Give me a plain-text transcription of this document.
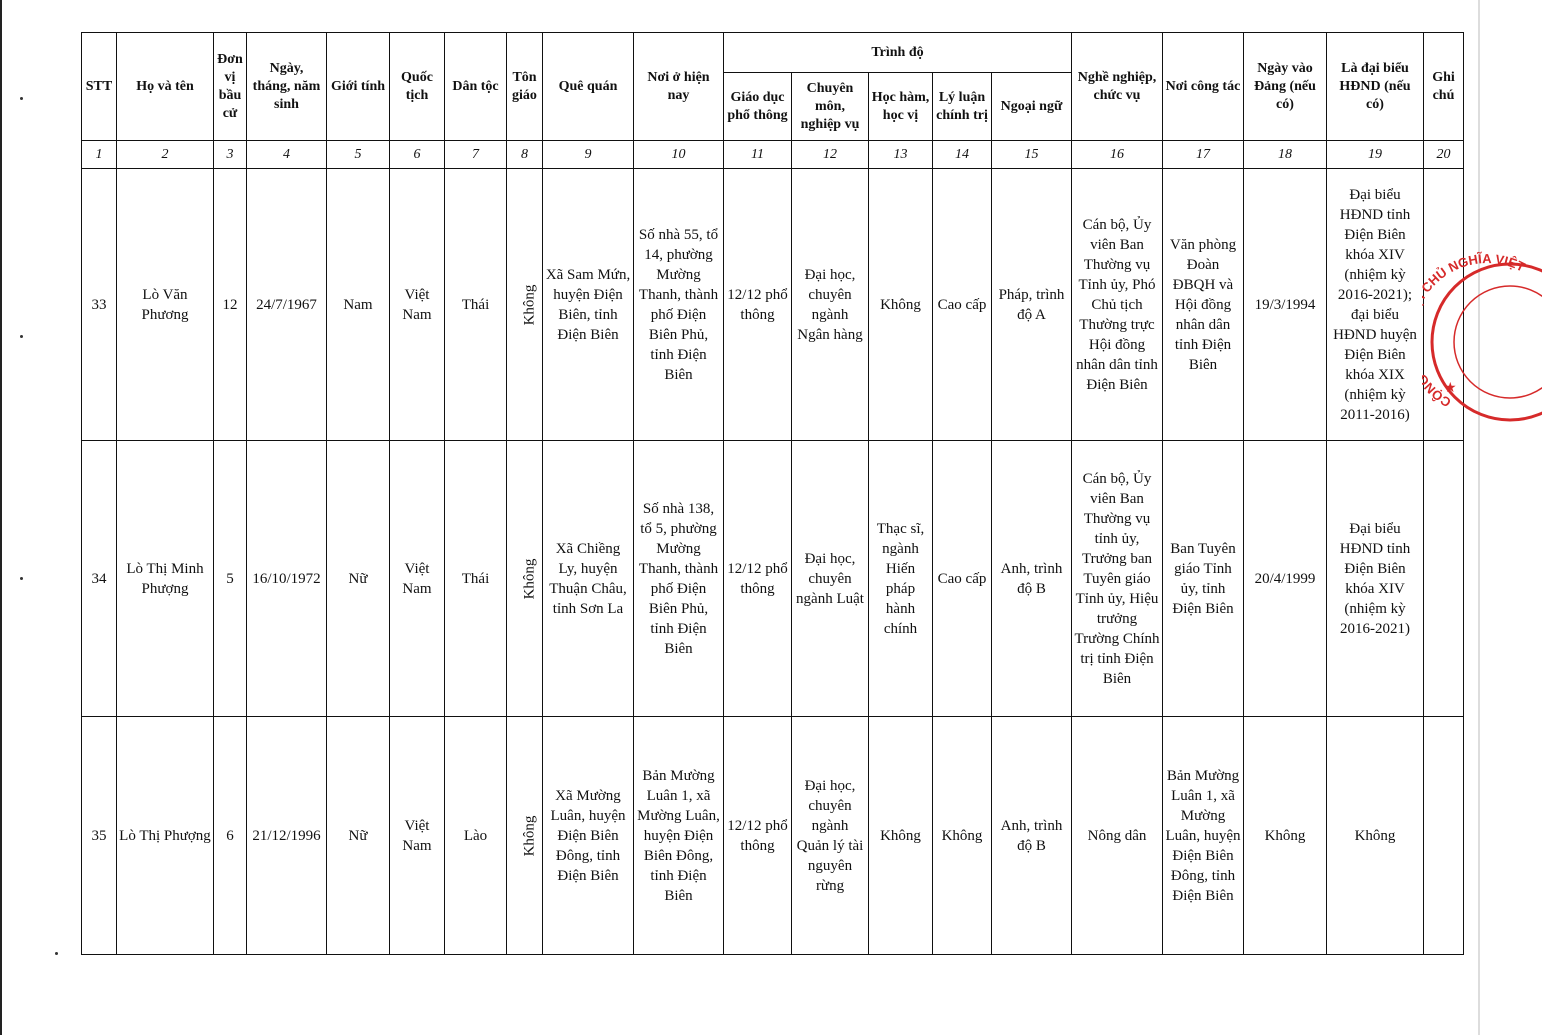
STT	Họ và tên	Đơn vị bầu cử	Ngày, tháng, năm sinh	Giới tính	Quốc tịch	Dân tộc	Tôn giáo	Quê quán	Nơi ở hiện nay	Trình độ					Nghề nghiệp, chức vụ	Nơi công tác	Ngày vào Đảng (nếu có)	Là đại biểu HĐND (nếu có)	Ghi chú
										Giáo dục phổ thông	Chuyên môn, nghiệp vụ	Học hàm, học vị	Lý luận chính trị	Ngoại ngữ					
1	2	3	4	5	6	7	8	9	10	11	12	13	14	15	16	17	18	19	20
33	Lò Văn Phương	12	24/7/1967	Nam	Việt Nam	Thái	Không	Xã Sam Mứn, huyện Điện Biên, tỉnh Điện Biên	Số nhà 55, tổ 14, phường Mường Thanh, thành phố Điện Biên Phủ, tỉnh Điện Biên	12/12 phổ thông	Đại học, chuyên ngành Ngân hàng	Không	Cao cấp	Pháp, trình độ A	Cán bộ, Ủy viên Ban Thường vụ Tỉnh ủy, Phó Chủ tịch Thường trực Hội đồng nhân dân tỉnh Điện Biên	Văn phòng Đoàn ĐBQH và Hội đồng nhân dân tỉnh Điện Biên	19/3/1994	Đại biểu HĐND tỉnh Điện Biên khóa XIV (nhiệm kỳ 2016-2021); đại biểu HĐND huyện Điện Biên khóa XIX (nhiệm kỳ 2011-2016)	
34	Lò Thị Minh Phượng	5	16/10/1972	Nữ	Việt Nam	Thái	Không	Xã Chiềng Ly, huyện Thuận Châu, tỉnh Sơn La	Số nhà 138, tổ 5, phường Mường Thanh, thành phố Điện Biên Phủ, tỉnh Điện Biên	12/12 phổ thông	Đại học, chuyên ngành Luật	Thạc sĩ, ngành Hiến pháp hành chính	Cao cấp	Anh, trình độ B	Cán bộ, Ủy viên Ban Thường vụ tỉnh ủy, Trưởng ban Tuyên giáo Tỉnh ủy, Hiệu trưởng Trường Chính trị tỉnh Điện Biên	Ban Tuyên giáo Tỉnh ủy, tỉnh Điện Biên	20/4/1999	Đại biểu HĐND tỉnh Điện Biên khóa XIV (nhiệm kỳ 2016-2021)	
35	Lò Thị Phượng	6	21/12/1996	Nữ	Việt Nam	Lào	Không	Xã Mường Luân, huyện Điện Biên Đông, tỉnh Điện Biên	Bản Mường Luân 1, xã Mường Luân, huyện Điện Biên Đông, tỉnh Điện Biên	12/12 phổ thông	Đại học, chuyên ngành Quản lý tài nguyên rừng	Không	Không	Anh, trình độ B	Nông dân	Bản Mường Luân 1, xã Mường Luân, huyện Điện Biên Đông, tỉnh Điện Biên	Không	Không	
CỘN HỦ NGHĨA VIỆT
★
